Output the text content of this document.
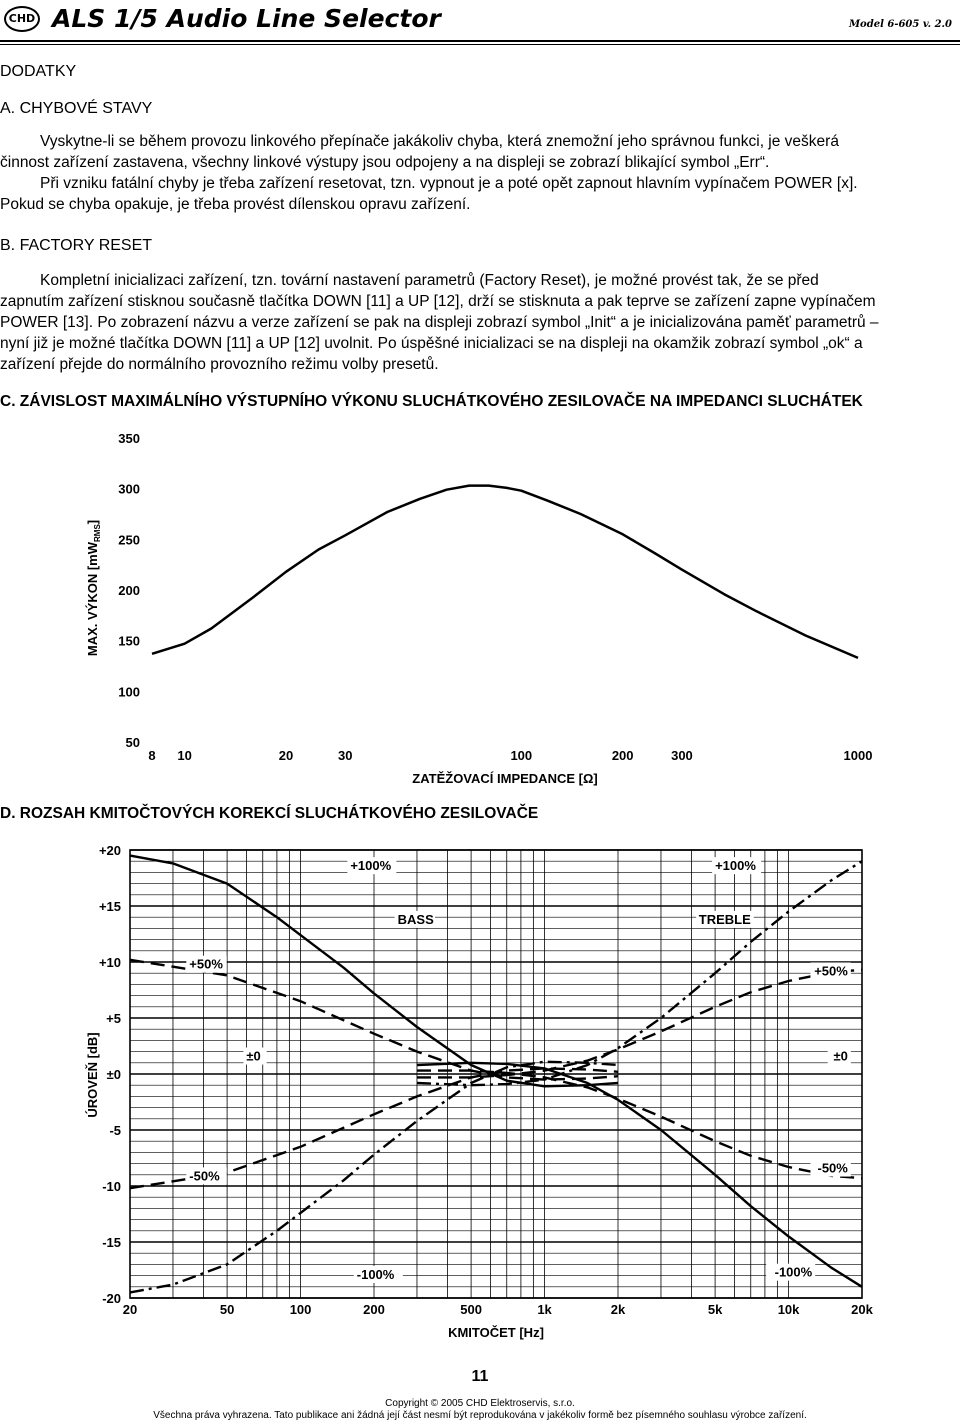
CHD ALS 1/5 Audio Line Selector	Model 6-605 v. 2.0
DODATKY
A. CHYBOVÉ STAVY
Vyskytne-li se během provozu linkového přepínače jakákoliv chyba, která znemožní jeho správnou funkci, je veškerá
činnost zařízení zastavena, všechny linkové výstupy jsou odpojeny a na displeji se zobrazí blikající symbol „Err“.
Při vzniku fatální chyby je třeba zařízení resetovat, tzn. vypnout je a poté opět zapnout hlavním vypínačem POWER [x].
Pokud se chyba opakuje, je třeba provést dílenskou opravu zařízení.
B. FACTORY RESET
Kompletní inicializaci zařízení, tzn. tovární nastavení parametrů (Factory Reset), je možné provést tak, že se před
zapnutím zařízení stisknou současně tlačítka DOWN [11] a UP [12], drží se stisknuta a pak teprve se zařízení zapne vypínačem
POWER [13]. Po zobrazení názvu a verze zařízení se pak na displeji zobrazí symbol „Init“ a je inicializována paměť parametrů –
nyní již je možné tlačítka DOWN [11] a UP [12] uvolnit. Po úspěšné inicializaci se na displeji na okamžik zobrazí symbol „ok“ a
zařízení přejde do normálního provozního režimu volby presetů.
C. ZÁVISLOST MAXIMÁLNÍHO VÝSTUPNÍHO VÝKONU SLUCHÁTKOVÉHO ZESILOVAČE NA IMPEDANCI SLUCHÁTEK
50
100
150
200
250
300
350
8 10	20	30	100	200	300	1000
ZATĚŽOVACÍ IMPEDANCE [Ω]
MAX. VÝKON $[mW_{RMS}]$
D. ROZSAH KMITOČTOVÝCH KOREKCÍ SLUCHÁTKOVÉHO ZESILOVAČE
-20
-15
-10
-5
±0
+5
+10
+15
+20
20	50	100	200	500	1k	2k	5k	10k	20k
KMITOČET [Hz]
ÚROVEŇ [dB]
+100%
BASS
+50%
±0
-50%
-100%
+100%
TREBLE
+50%
±0
-50%
-100%
11
Copyright © 2005 CHD Elektroservis, s.r.o.
Všechna práva vyhrazena. Tato publikace ani žádná její část nesmí být reprodukována v jakékoliv formě bez písemného souhlasu výrobce zařízení.
